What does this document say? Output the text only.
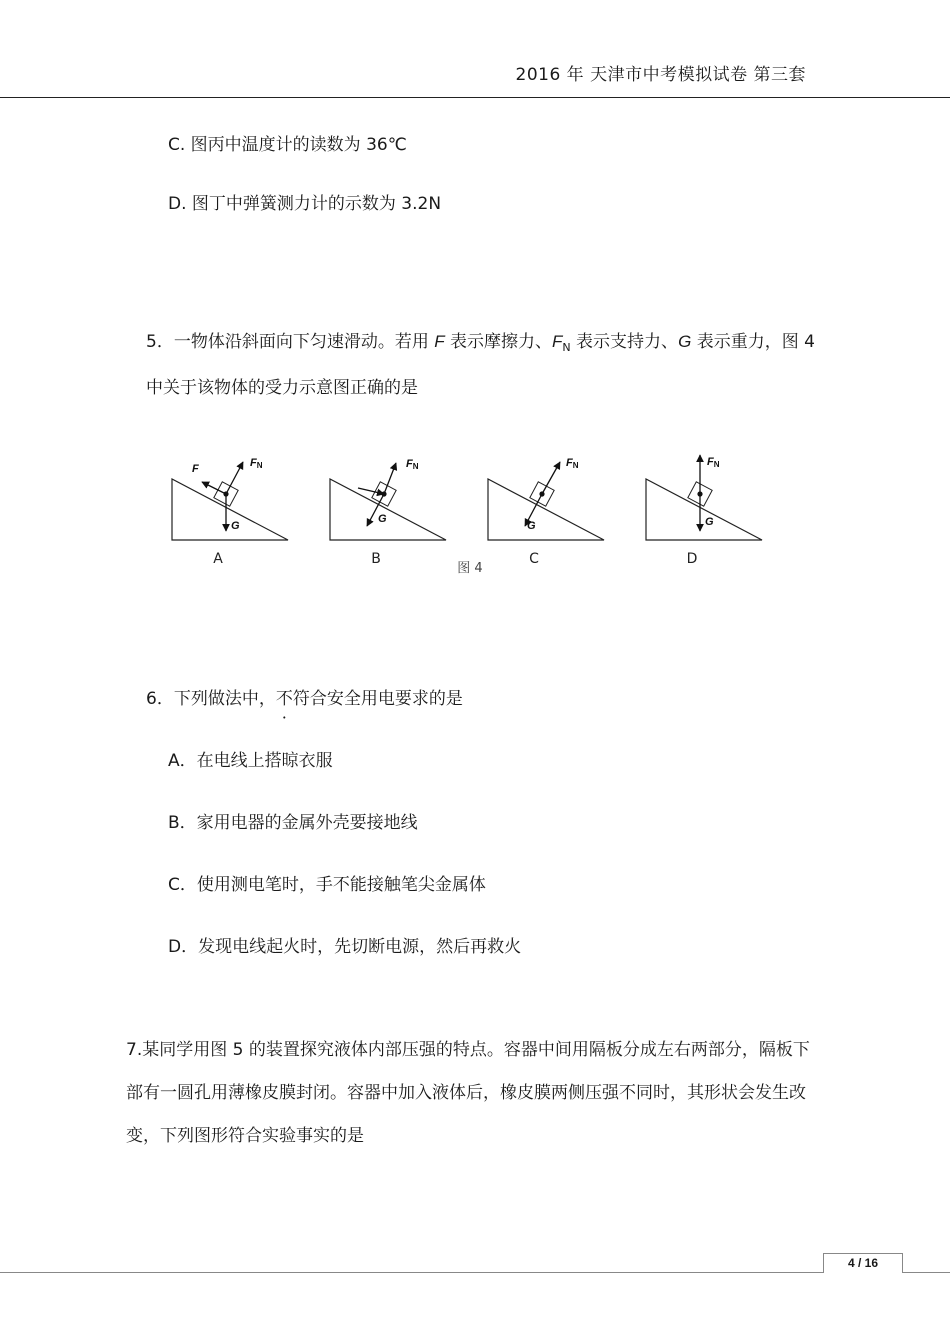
2016 年 天津市中考模拟试卷 第三套
C. 图丙中温度计的读数为 36℃
D. 图丁中弹簧测力计的示数为 3.2N
5．一物体沿斜面向下匀速滑动。若用 F 表示摩擦力、$F_N$ 表示支持力、G 表示重力，图 4
中关于该物体的受力示意图正确的是
F	FN
G
A
FN
G
B
FN
G
C
FN
G
D
图 4
6．下列做法中，不符合安全用电要求的是
A．在电线上搭晾衣服
B．家用电器的金属外壳要接地线
C．使用测电笔时，手不能接触笔尖金属体
D．发现电线起火时，先切断电源，然后再救火
7.某同学用图 5 的装置探究液体内部压强的特点。容器中间用隔板分成左右两部分，隔板下
部有一圆孔用薄橡皮膜封闭。容器中加入液体后，橡皮膜两侧压强不同时，其形状会发生改
变，下列图形符合实验事实的是
4 / 16
